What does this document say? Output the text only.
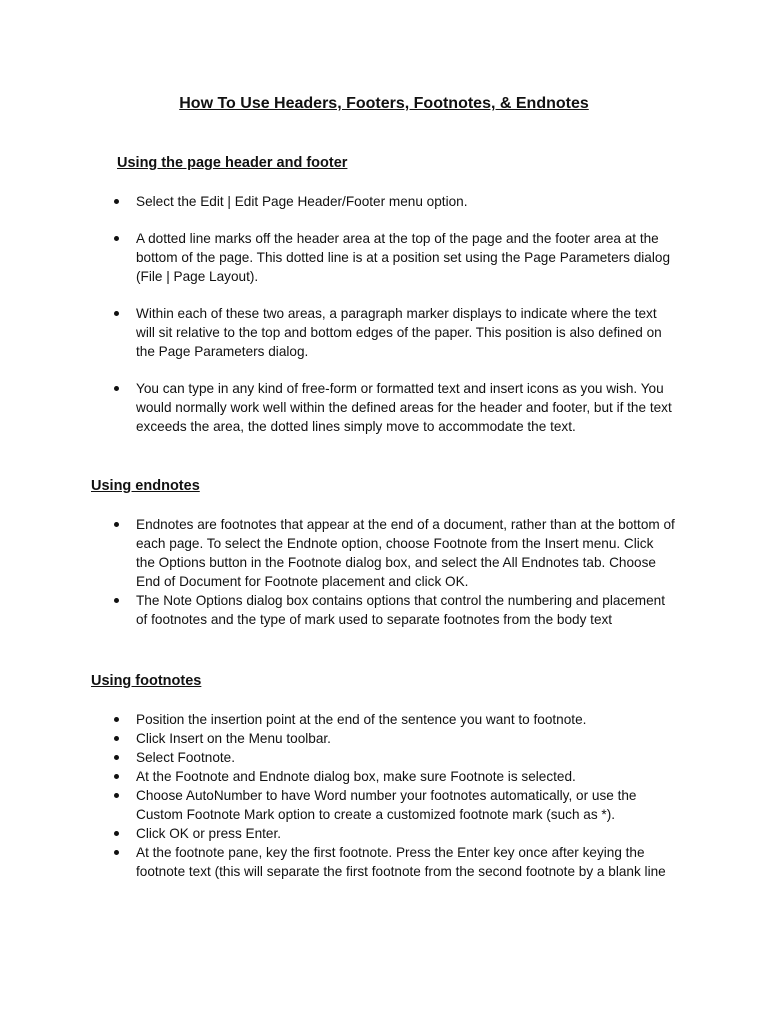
How To Use Headers, Footers, Footnotes, & Endnotes
Using the page header and footer
Select the Edit | Edit Page Header/Footer menu option.
A dotted line marks off the header area at the top of the page and the footer area at the bottom of the page. This dotted line is at a position set using the Page Parameters dialog (File | Page Layout).
Within each of these two areas, a paragraph marker displays to indicate where the text will sit relative to the top and bottom edges of the paper. This position is also defined on the Page Parameters dialog.
You can type in any kind of free-form or formatted text and insert icons as you wish. You would normally work well within the defined areas for the header and footer, but if the text exceeds the area, the dotted lines simply move to accommodate the text.
Using endnotes
Endnotes are footnotes that appear at the end of a document, rather than at the bottom of each page. To select the Endnote option, choose Footnote from the Insert menu. Click the Options button in the Footnote dialog box, and select the All Endnotes tab. Choose End of Document for Footnote placement and click OK.
The Note Options dialog box contains options that control the numbering and placement of footnotes and the type of mark used to separate footnotes from the body text
Using footnotes
Position the insertion point at the end of the sentence you want to footnote.
Click Insert on the Menu toolbar.
Select Footnote.
At the Footnote and Endnote dialog box, make sure Footnote is selected.
Choose AutoNumber to have Word number your footnotes automatically, or use the Custom Footnote Mark option to create a customized footnote mark (such as *).
Click OK or press Enter.
At the footnote pane, key the first footnote. Press the Enter key once after keying the footnote text (this will separate the first footnote from the second footnote by a blank line
